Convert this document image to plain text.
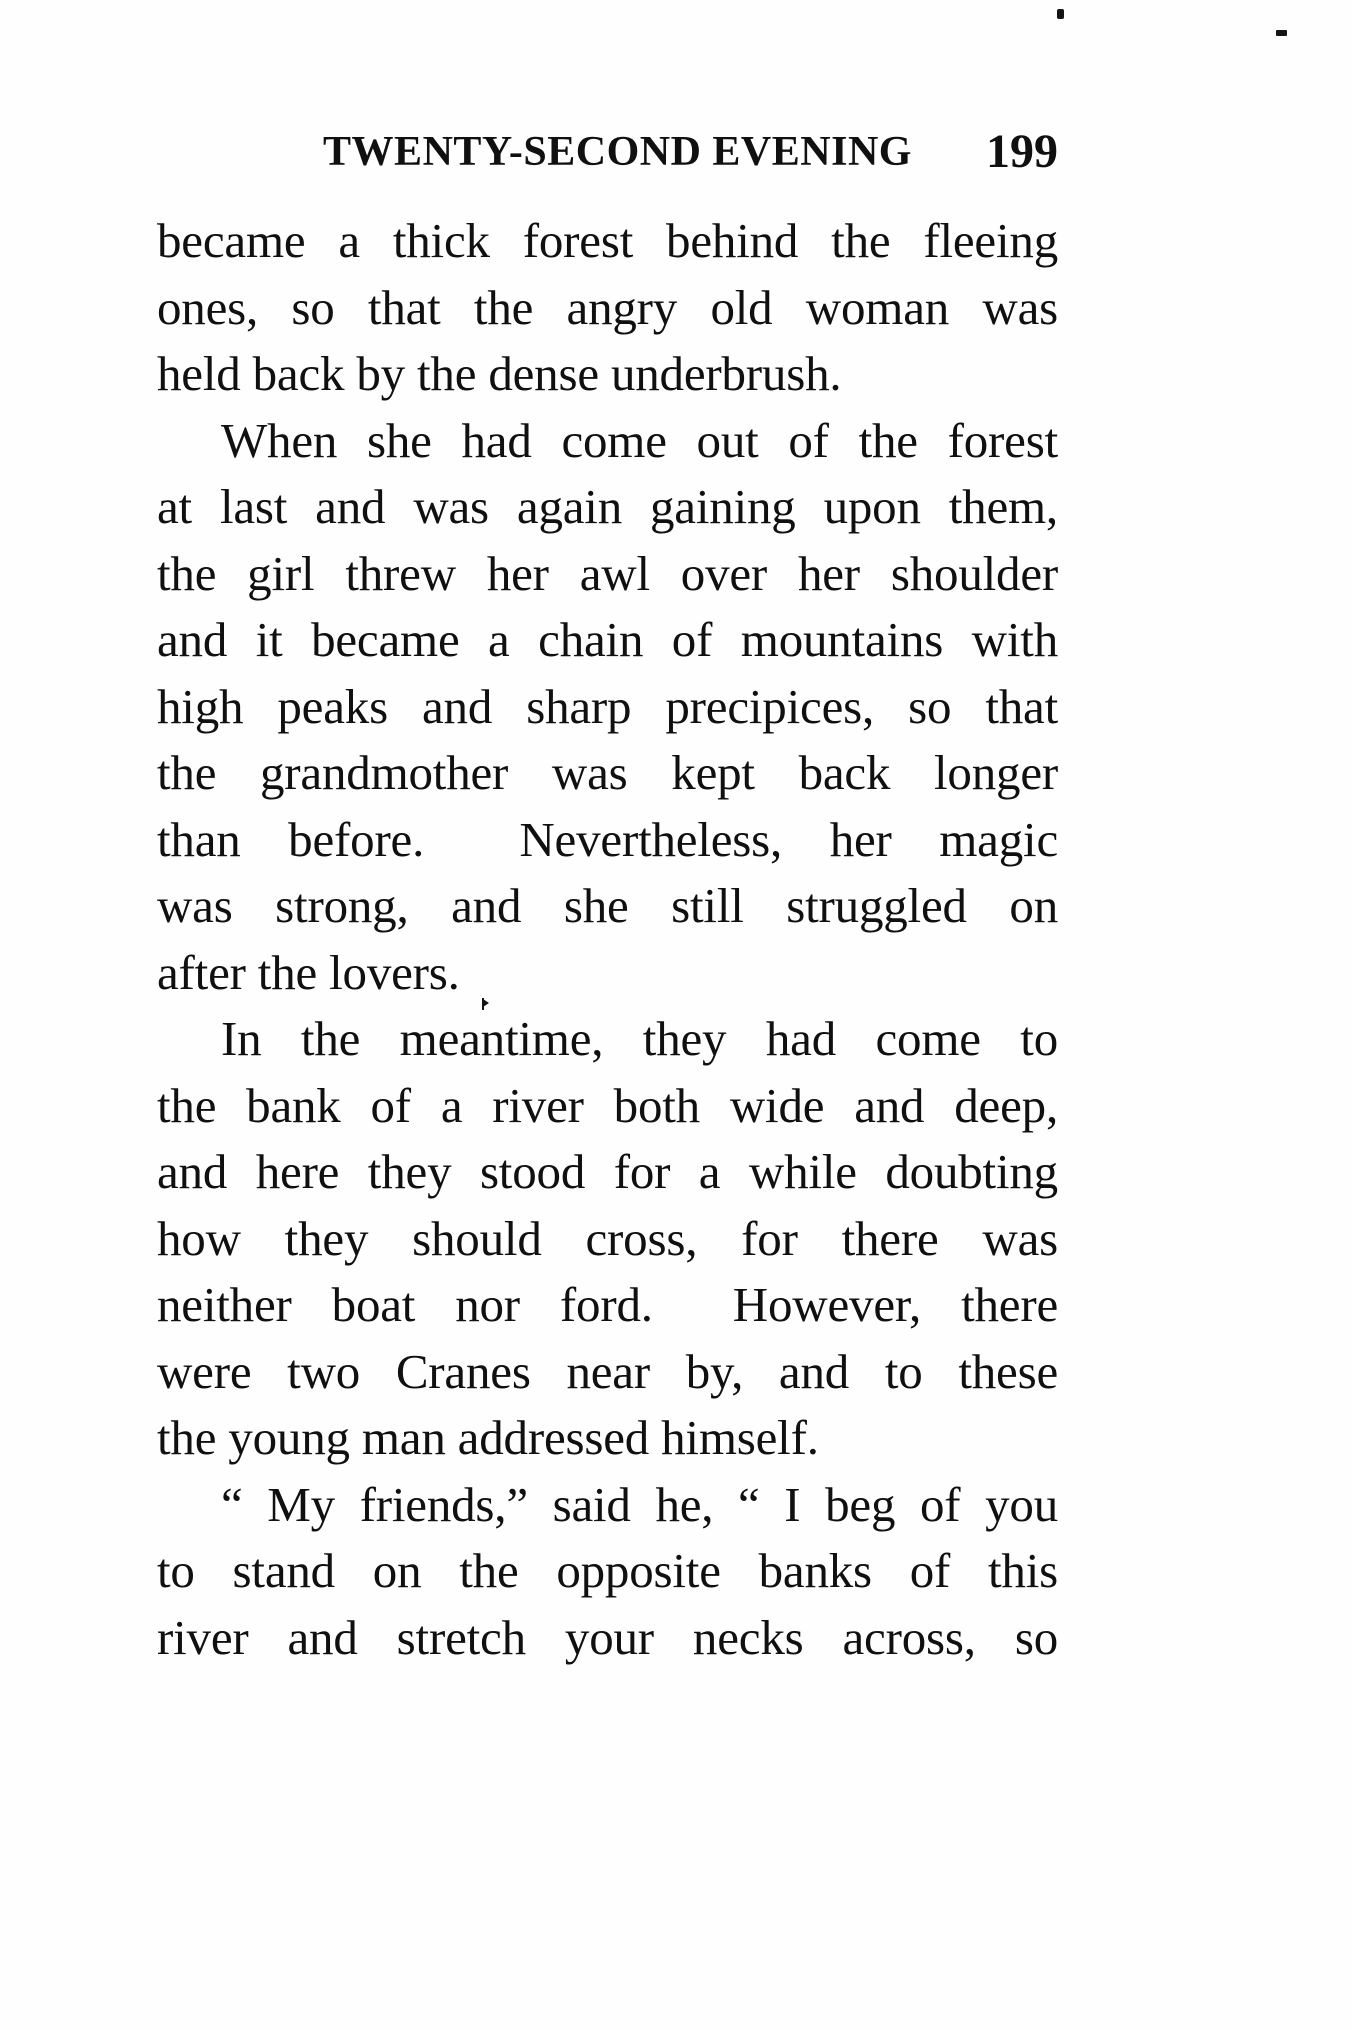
TWENTY-SECOND EVENING	199
became a thick forest behind the fleeing
ones, so that the angry old woman was
held back by the dense underbrush.
When she had come out of the forest
at last and was again gaining upon them,
the girl threw her awl over her shoulder
and it became a chain of mountains with
high peaks and sharp precipices, so that
the grandmother was kept back longer
than before.  Nevertheless, her magic
was strong, and she still struggled on
after the lovers.
In the meantime, they had come to
the bank of a river both wide and deep,
and here they stood for a while doubting
how they should cross, for there was
neither boat nor ford.  However, there
were two Cranes near by, and to these
the young man addressed himself.
“ My friends,” said he, “ I beg of you
to stand on the opposite banks of this
river and stretch your necks across, so
